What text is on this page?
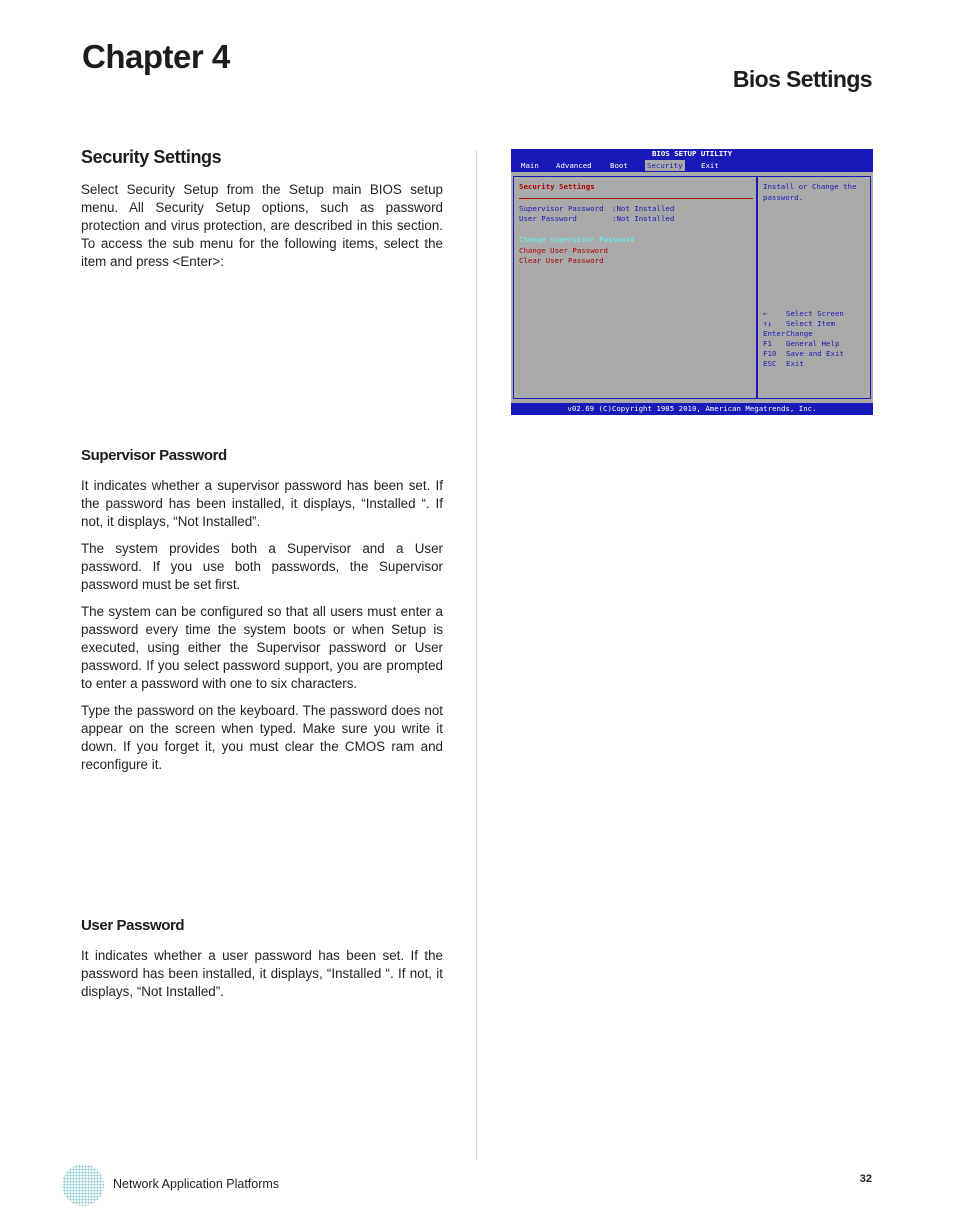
Chapter 4
Bios Settings
Security Settings

Select Security Setup from the Setup main BIOS setup menu. All Security Setup options, such as password protection and virus protection, are described in this section. To access the sub menu for the following items, select the item and press <Enter>:

Supervisor Password

It indicates whether a supervisor password has been set. If the password has been installed, it displays, “Installed “. If not, it displays, “Not Installed”.

The system provides both a Supervisor and a User password. If you use both passwords, the Supervisor password must be set first.

The system can be configured so that all users must enter a password every time the system boots or when Setup is executed, using either the Supervisor password or User password. If you select password support, you are prompted to enter a password with one to six characters.

Type the password on the keyboard. The password does not appear on the screen when typed. Make sure you write it down. If you forget it, you must clear the CMOS ram and reconfigure it.

User Password

It indicates whether a user password has been set. If the password has been installed, it displays, “Installed “. If not, it displays, “Not Installed”.

BIOS SETUP UTILITY
Main Advanced Boot	Security Exit
Security Settings
Supervisor Password :Not Installed
User Password	:Not Installed
Change Supervisor Password
Change User Password
Clear User Password
Install or Change the
password.
←	Select Screen
↑↓ Select Item
Enter Change
F1 General Help
F10 Save and Exit
ESC Exit
v02.69 (C)Copyright 1985 2010, American Megatrends, Inc.
Network Application Platforms	32
